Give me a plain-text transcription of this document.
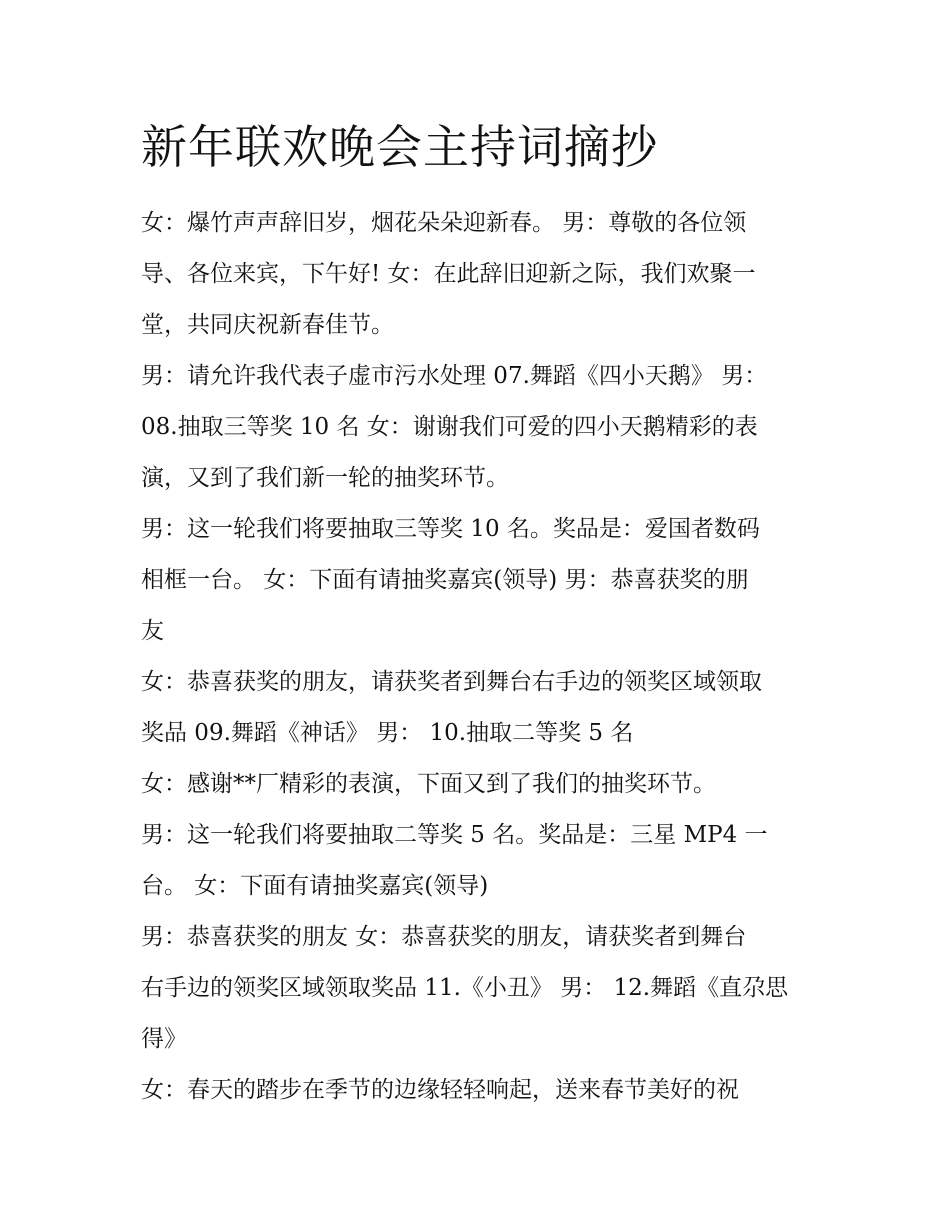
新年联欢晚会主持词摘抄
女：爆竹声声辞旧岁，烟花朵朵迎新春。 男：尊敬的各位领
导、各位来宾，下午好! 女：在此辞旧迎新之际，我们欢聚一
堂，共同庆祝新春佳节。
男：请允许我代表子虚市污水处理 07.舞蹈《四小天鹅》 男：
08.抽取三等奖 10 名 女：谢谢我们可爱的四小天鹅精彩的表
演，又到了我们新一轮的抽奖环节。
男：这一轮我们将要抽取三等奖 10 名。奖品是：爱国者数码
相框一台。 女：下面有请抽奖嘉宾(领导) 男：恭喜获奖的朋
友
女：恭喜获奖的朋友，请获奖者到舞台右手边的领奖区域领取
奖品 09.舞蹈《神话》 男： 10.抽取二等奖 5 名
女：感谢**厂精彩的表演，下面又到了我们的抽奖环节。
男：这一轮我们将要抽取二等奖 5 名。奖品是：三星 MP4 一
台。 女：下面有请抽奖嘉宾(领导)
男：恭喜获奖的朋友 女：恭喜获奖的朋友，请获奖者到舞台
右手边的领奖区域领取奖品 11.《小丑》 男： 12.舞蹈《直尕思
得》
女：春天的踏步在季节的边缘轻轻响起，送来春节美好的祝
